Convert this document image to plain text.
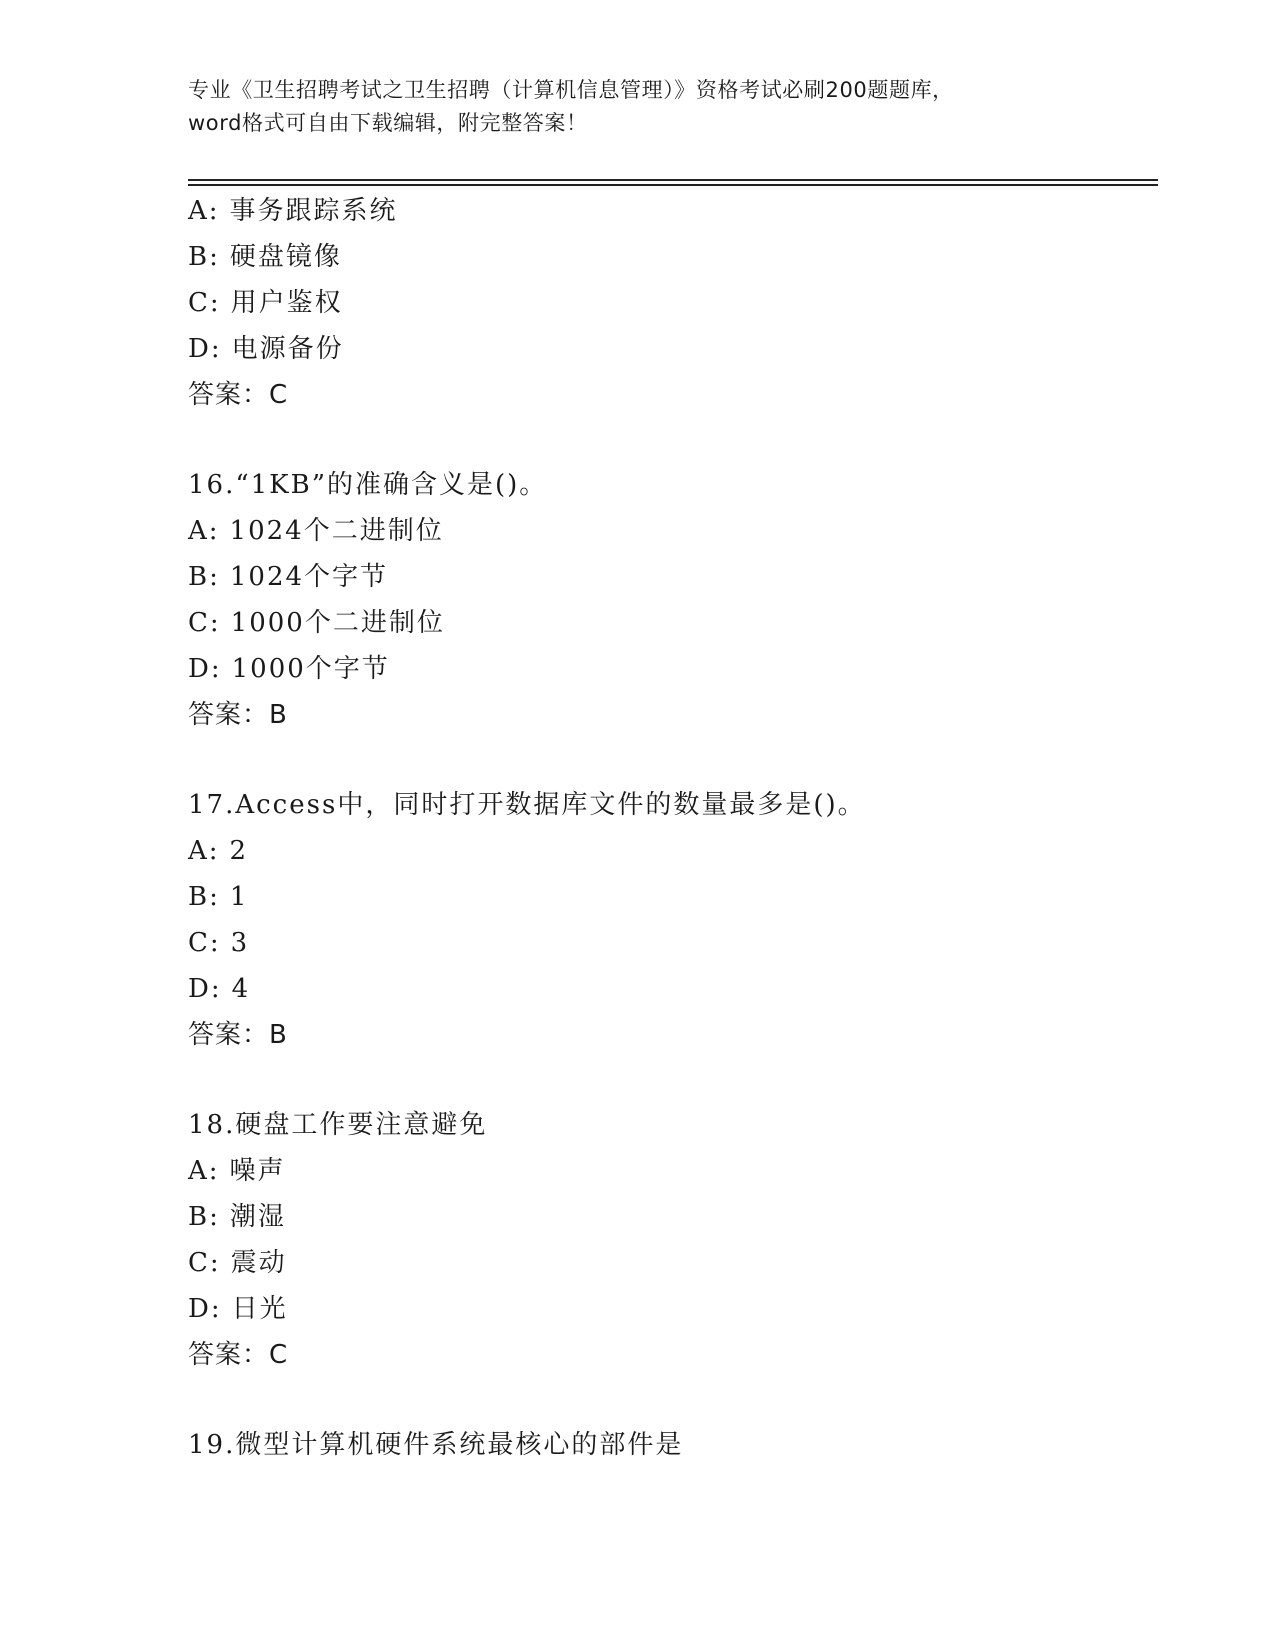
专业《卫生招聘考试之卫生招聘（计算机信息管理）》资格考试必刷200题题库，
word格式可自由下载编辑，附完整答案！
A: 事务跟踪系统
B: 硬盘镜像
C: 用户鉴权
D: 电源备份
答案：C
16.“1KB”的准确含义是()。
A: 1024个二进制位
B: 1024个字节
C: 1000个二进制位
D: 1000个字节
答案：B
17.Access中，同时打开数据库文件的数量最多是()。
A: 2
B: 1
C: 3
D: 4
答案：B
18.硬盘工作要注意避免
A: 噪声
B: 潮湿
C: 震动
D: 日光
答案：C
19.微型计算机硬件系统最核心的部件是
